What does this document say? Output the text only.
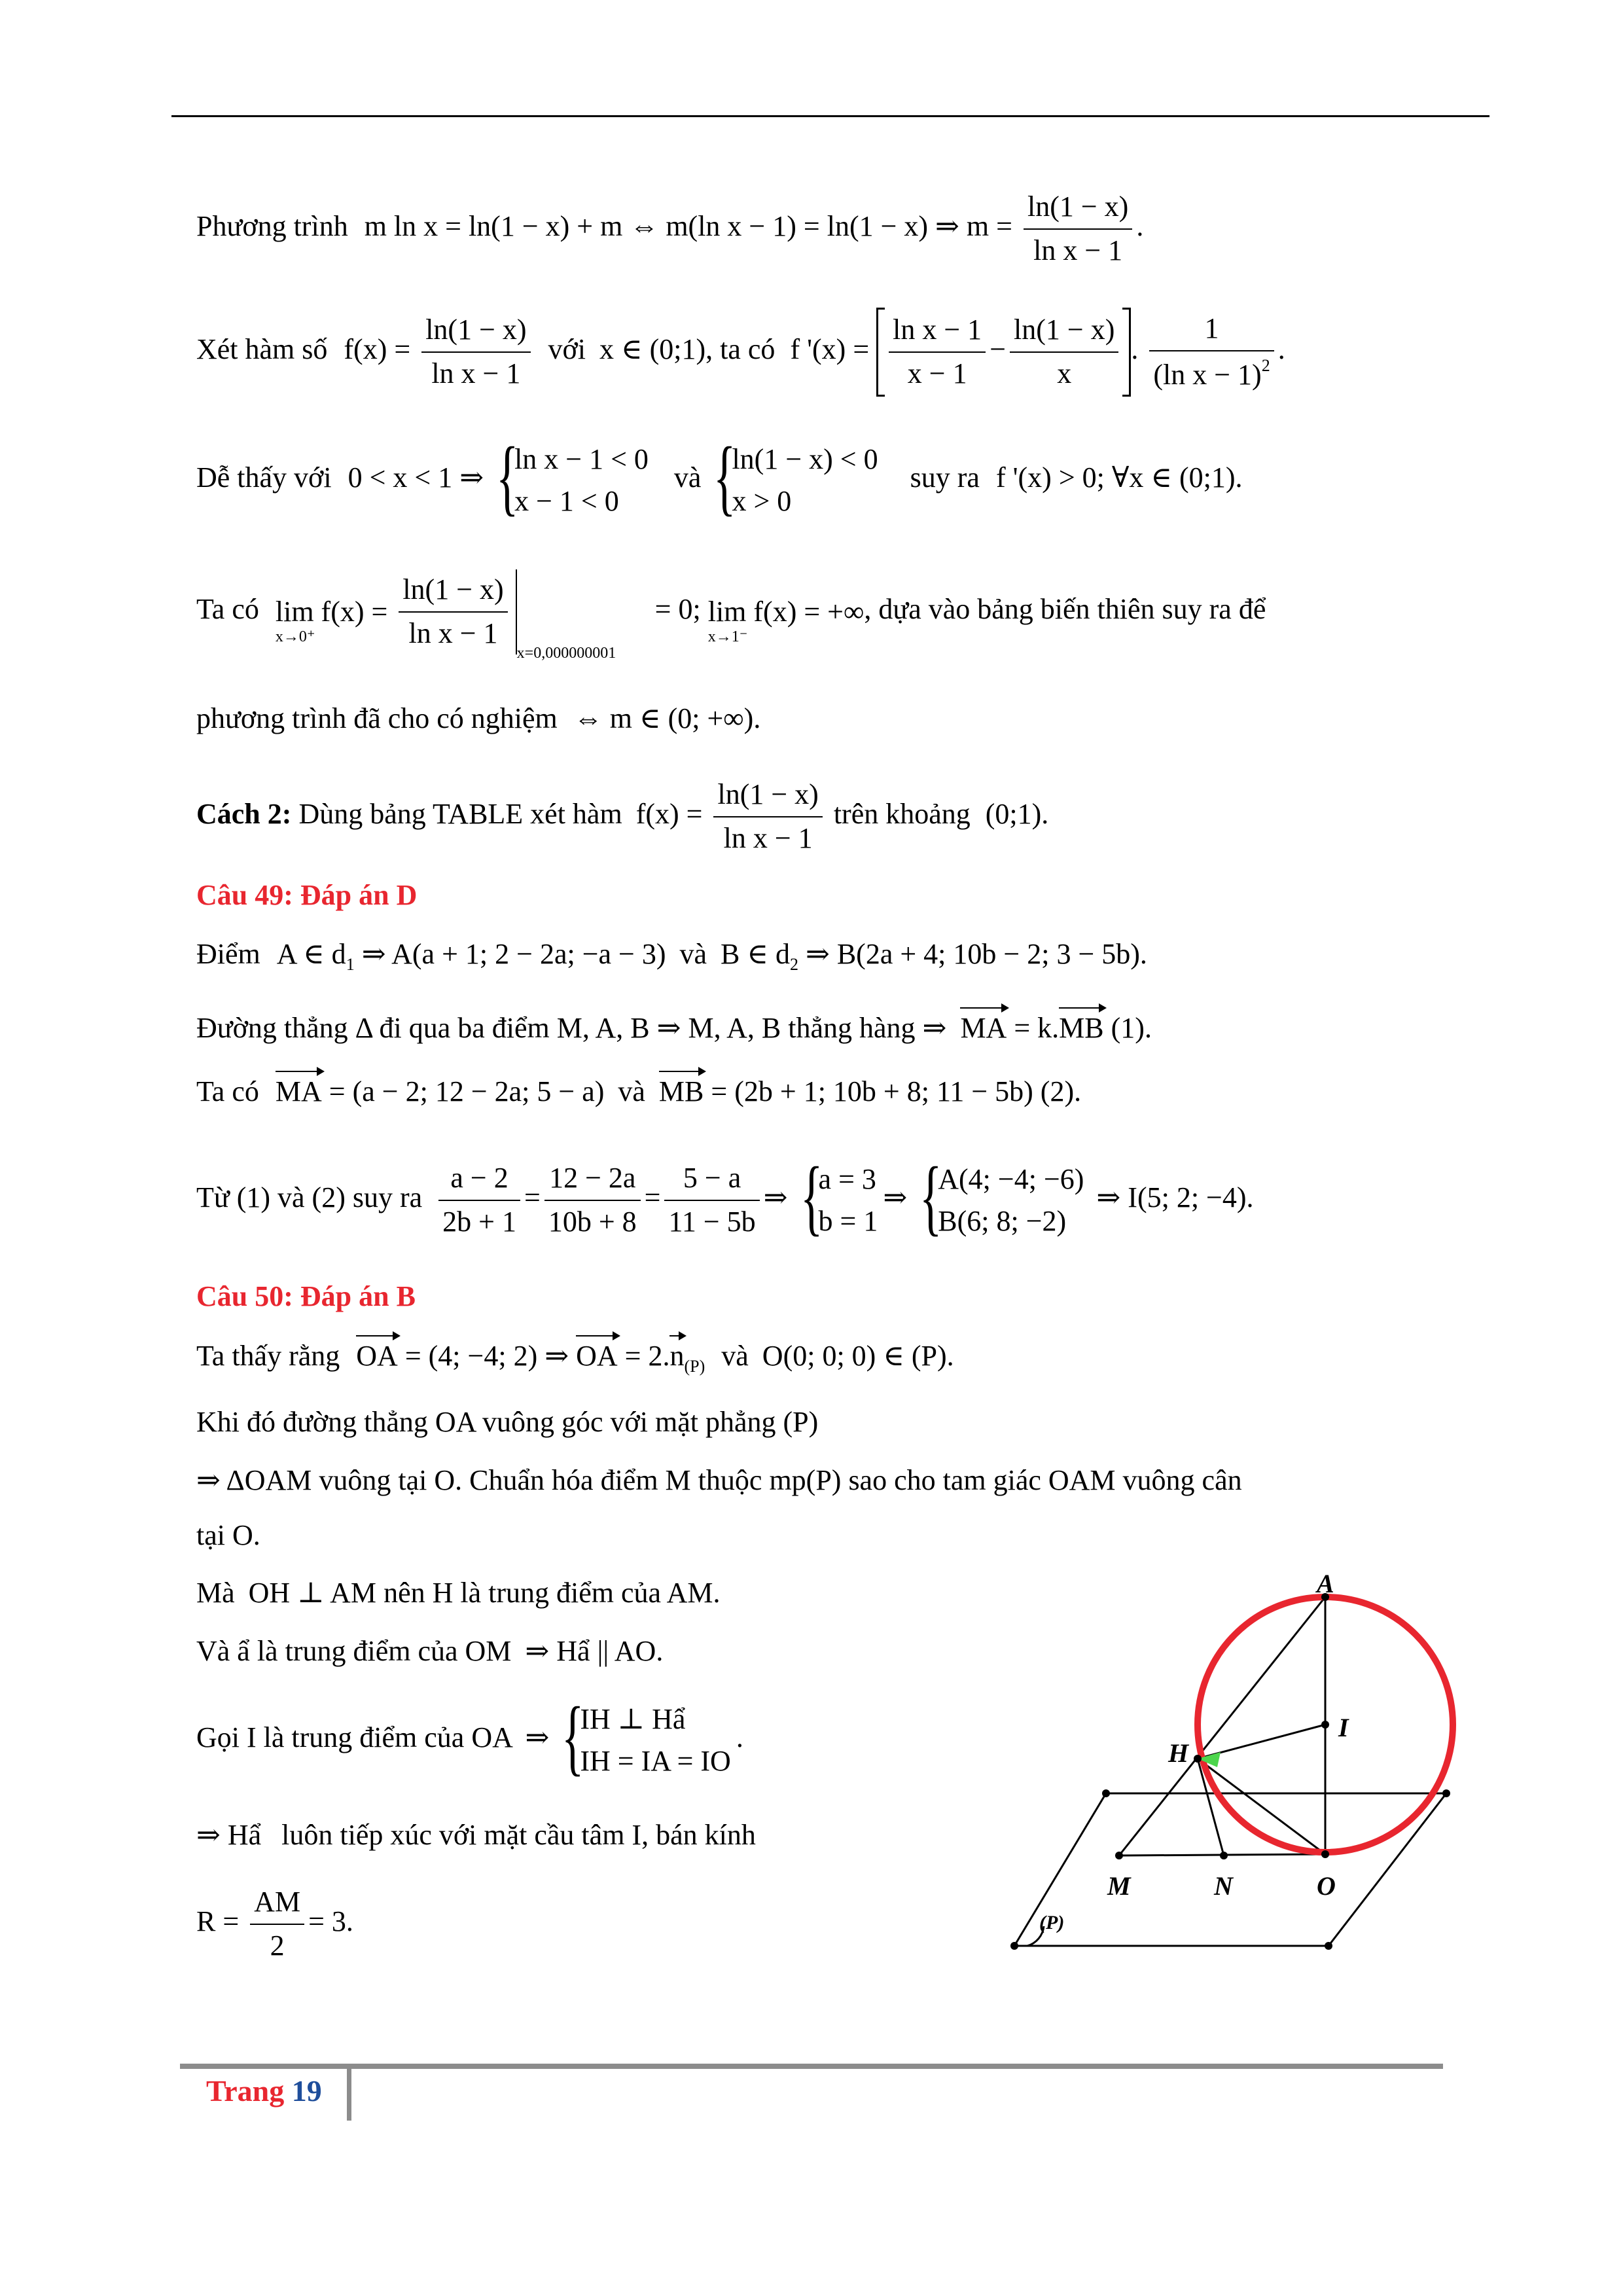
Phương trình m ln x = ln(1 − x) + m ⇔ m(ln x − 1) = ln(1 − x) ⇒ $m = \frac{\ln(1 - x)}{\text{ln x − 1}}$ .
Xét hàm số $f(x) = \frac{\ln(1 - x)}{\text{ln x − 1}}$ với x ∈ (0;1), ta có f '$(x) = \frac{\text{ln x − 1}}{x - 1} - \frac{\ln(1 - x)}{x}$ . $\frac{1}{(\ln x - 1)^2}$ .
Dễ thấy với 0 < x < 1 ⇒ {
ln x − 1 < 0
x − 1 < 0
và {
ln(1 − x) < 0
x > 0
suy ra f '(x) > 0; ∀x ∈ (0;1).
Ta có lim f(x) =
x→0⁺
	$\frac{\ln(1 - x)}{\text{ln x − 1}}$
x=0,000000001 = 0; lim f(x) = +∞
x→1⁻
, dựa vào bảng biến thiên suy ra để
phương trình đã cho có nghiệm ⇔ m ∈ (0; +∞).
Cách 2: Dùng bảng TABLE xét hàm $f(x) = \frac{\ln(1 - x)}{\text{ln x − 1}}$ trên khoảng (0;1).
Câu 49: Đáp án D
Điểm A ∈ $d_1$ ⇒ A(a + 1; 2 − 2a; −a − 3) và B ∈ $d_2$ ⇒ B(2a + 4; 10b − 2; 3 − 5b).
Đường thẳng Δ đi qua ba điểm M, A, B ⇒ M, A, B thẳng hàng ⇒ MA = k.MB (1).
Ta có MA = (a − 2; 12 − 2a; 5 − a) và MB = (2b + 1; 10b + 8; 11 − 5b) (2).
Từ (1) và (2) suy ra $\frac{a - 2}{2b + 1} = \frac{12 - 2a}{10b + 8} = \frac{5 - a}{11 - 5b}$ ⇒ {
a = 3
b = 1
⇒ {
A(4; −4; −6)
B(6; 8; −2)
⇒ I(5; 2; −4).
Câu 50: Đáp án B
Ta thấy rằng OA = (4; −4; 2) ⇒ OA = $2.n_{(P)}$ và O(0; 0; 0) ∈ (P).
Khi đó đường thẳng OA vuông góc với mặt phẳng (P)
⇒ ΔOAM vuông tại O. Chuẩn hóa điểm M thuộc mp(P) sao cho tam giác OAM vuông cân
tại O.
Mà OH ⊥ AM nên H là trung điểm của AM.
Và ẩ là trung điểm của OM ⇒ Hẩ || AO.
Gọi I là trung điểm của OA ⇒ {
IH ⊥ Hẩ
IH = IA = IO
.
⇒ Hẩ luôn tiếp xúc với mặt cầu tâm I, bán kính
$R = \frac{AM}{2} = 3$.
A
I
H
M	N	O
(P)
Trang 19
